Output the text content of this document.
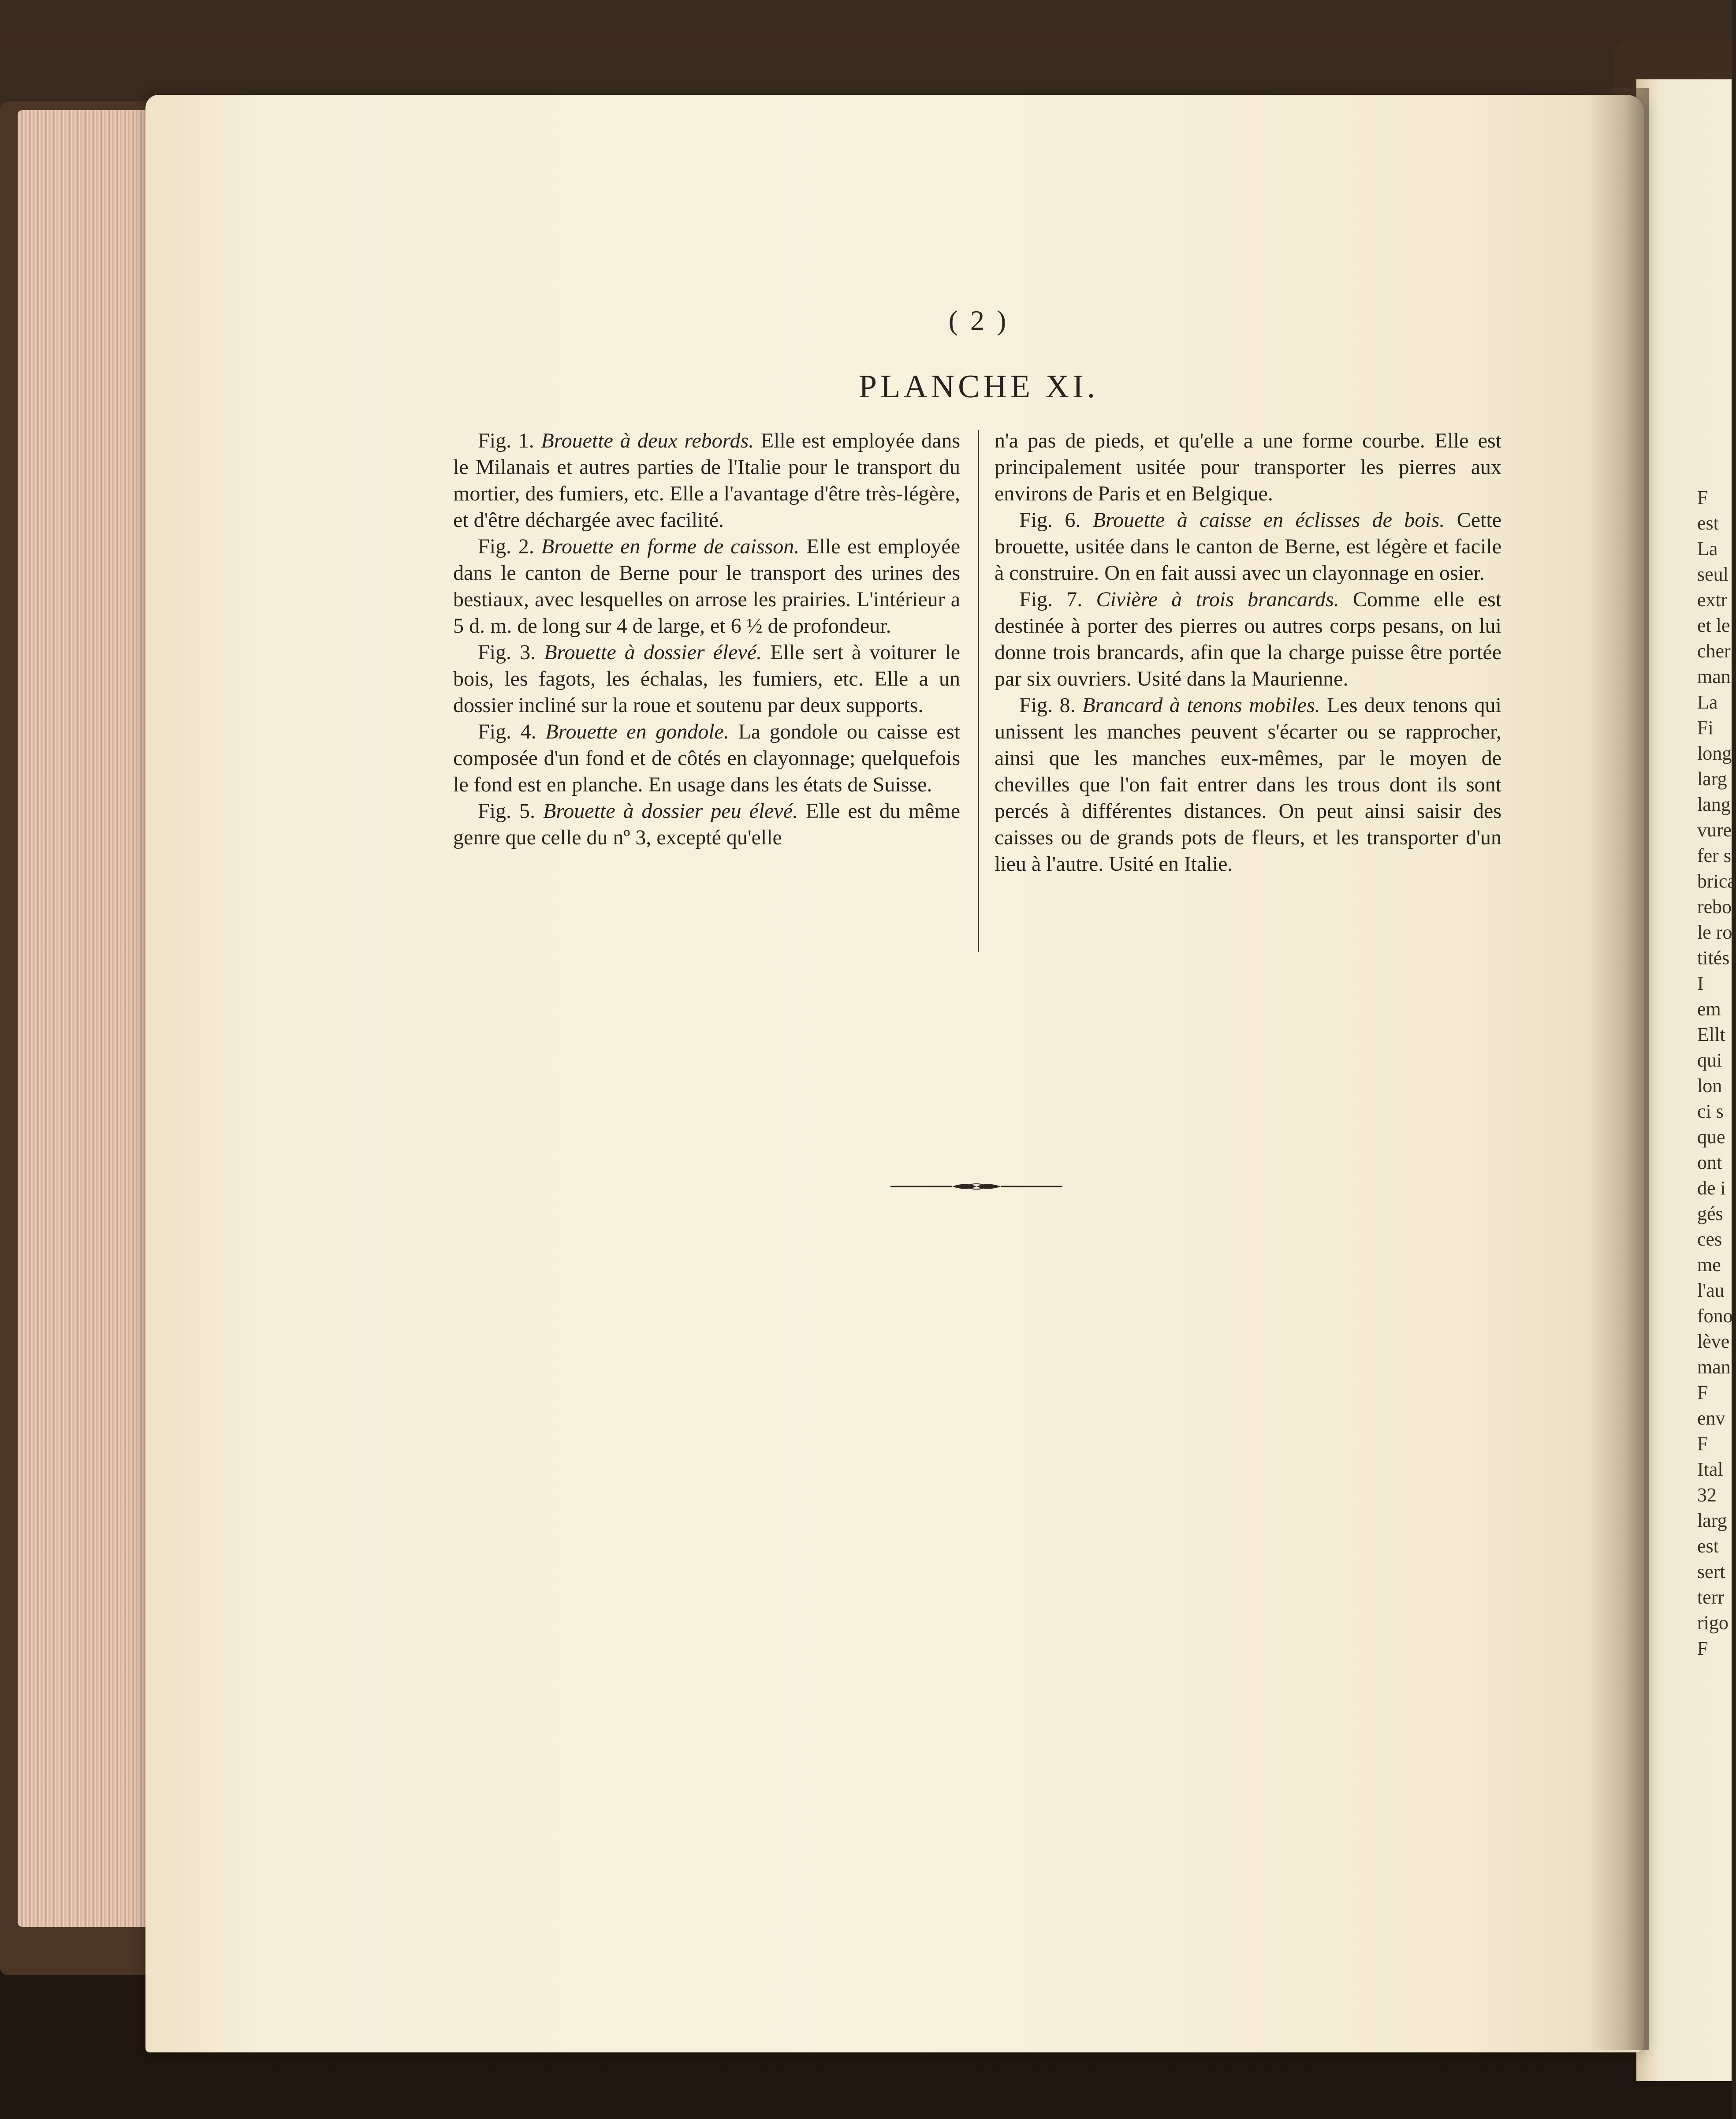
F
est
La
seul
extr
et le
cher
man
La
Fi
long
larg
lang
vure
fer s
brica
rebo
le ro
tités
I
em
Ellt
qui
lon
ci s
que
ont
de i
gés
ces
me
l'au
fono
lève
man
F
env
F
Ital
32
larg
est
sert
terr
rigo
F
( 2 )
PLANCHE XI.

Fig. 1. Brouette à deux rebords. Elle est employée dans le Milanais et autres parties de l'Italie pour le transport du mortier, des fumiers, etc. Elle a l'avantage d'être très-légère, et d'être déchargée avec facilité.

Fig. 2. Brouette en forme de caisson. Elle est employée dans le canton de Berne pour le transport des urines des bestiaux, avec lesquelles on arrose les prairies. L'intérieur a 5 d. m. de long sur 4 de large, et 6 ½ de profondeur.

Fig. 3. Brouette à dossier élevé. Elle sert à voiturer le bois, les fagots, les échalas, les fumiers, etc. Elle a un dossier incliné sur la roue et soutenu par deux supports.

Fig. 4. Brouette en gondole. La gondole ou caisse est composée d'un fond et de côtés en clayonnage; quelquefois le fond est en planche. En usage dans les états de Suisse.

Fig. 5. Brouette à dossier peu élevé. Elle est du même genre que celle du nº 3, excepté qu'elle

n'a pas de pieds, et qu'elle a une forme courbe. Elle est principalement usitée pour transporter les pierres aux environs de Paris et en Belgique.

Fig. 6. Brouette à caisse en éclisses de bois. Cette brouette, usitée dans le canton de Berne, est légère et facile à construire. On en fait aussi avec un clayonnage en osier.

Fig. 7. Civière à trois brancards. Comme elle est destinée à porter des pierres ou autres corps pesans, on lui donne trois brancards, afin que la charge puisse être portée par six ouvriers. Usité dans la Maurienne.

Fig. 8. Brancard à tenons mobiles. Les deux tenons qui unissent les manches peuvent s'écarter ou se rapprocher, ainsi que les manches eux-mêmes, par le moyen de chevilles que l'on fait entrer dans les trous dont ils sont percés à différentes distances. On peut ainsi saisir des caisses ou de grands pots de fleurs, et les transporter d'un lieu à l'autre. Usité en Italie.
